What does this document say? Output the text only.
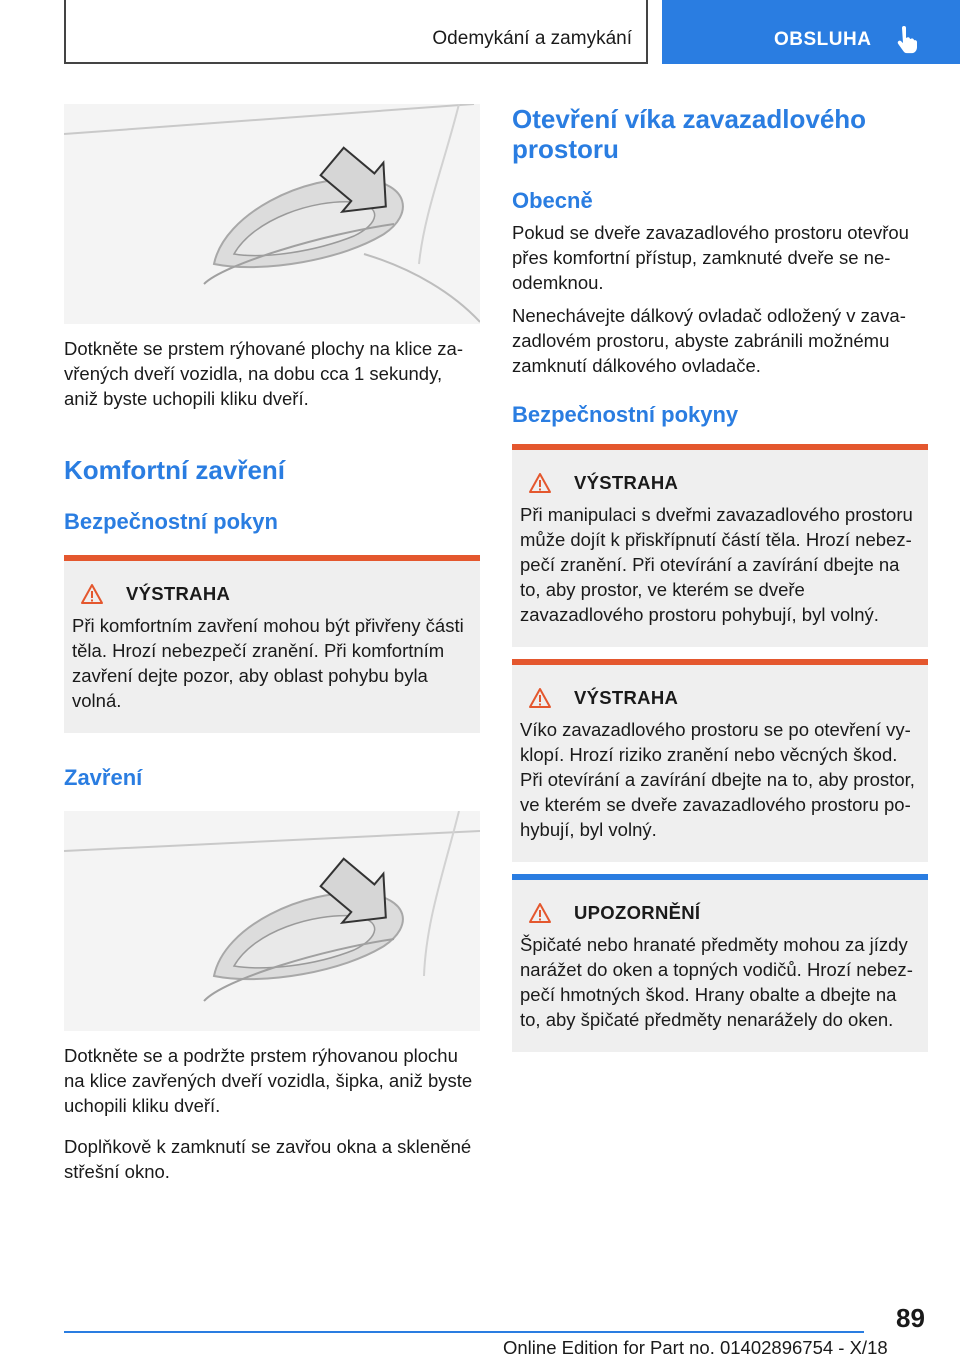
Odemykání a zamykání	OBSLUHA

Dotkněte se prstem rýhované plochy na klice zavřených dveří vozidla, na dobu cca 1 sekundy, aniž byste uchopili kliku dveří.

Komfortní zavření
Bezpečnostní pokyn
VÝSTRAHA

Při komfortním zavření mohou být přivřeny části těla. Hrozí nebezpečí zranění. Při komfortním zavření dejte pozor, aby oblast pohybu byla volná.

Zavření

Dotkněte se a podržte prstem rýhovanou plochu na klice zavřených dveří vozidla, šipka, aniž byste uchopili kliku dveří.

Doplňkově k zamknutí se zavřou okna a skleněné střešní okno.

Otevření víka zavazadlového prostoru
Obecně

Pokud se dveře zavazadlového prostoru otevřou přes komfortní přístup, zamknuté dveře se neodemknou.

Nenechávejte dálkový ovladač odložený v zavazadlovém prostoru, abyste zabránili možnému zamknutí dálkového ovladače.

Bezpečnostní pokyny
VÝSTRAHA

Při manipulaci s dveřmi zavazadlového prostoru může dojít k přiskřípnutí částí těla. Hrozí nebezpečí zranění. Při otevírání a zavírání dbejte na to, aby prostor, ve kterém se dveře zavazadlového prostoru pohybují, byl volný.

VÝSTRAHA

Víko zavazadlového prostoru se po otevření vyklopí. Hrozí riziko zranění nebo věcných škod. Při otevírání a zavírání dbejte na to, aby prostor, ve kterém se dveře zavazadlového prostoru pohybují, byl volný.

UPOZORNĚNÍ

Špičaté nebo hranaté předměty mohou za jízdy narážet do oken a topných vodičů. Hrozí nebezpečí hmotných škod. Hrany obalte a dbejte na to, aby špičaté předměty nenarážely do oken.

89
Online Edition for Part no. 01402896754 - X/18
